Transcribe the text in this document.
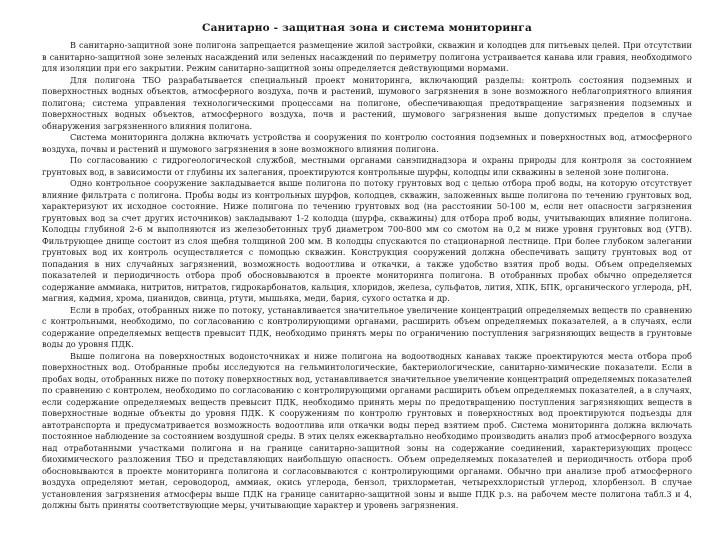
Санитарно - защитная зона и система мониторинга

В санитарно-защитной зоне полигона запрещается размещение жилой застройки, скважин и колодцев для питьевых целей. При отсутствии в санитарно-защитной зоне зеленых насаждений или зеленых насаждений по периметру полигона устраивается канава или гравия, необходимого для изоляции при его закрытии. Режим санитарно-защитной зоны определяется действующими нормами.

Для полигона ТБО разрабатывается специальный проект мониторинга, включающий разделы: контроль состояния подземных и поверхностных водных объектов, атмосферного воздуха, почв и растений, шумового загрязнения в зоне возможного неблагоприятного влияния полигона; система управления технологическими процессами на полигоне, обеспечивающая предотвращение загрязнения подземных и поверхностных водных объектов, атмосферного воздуха, почв и растений, шумового загрязнения выше допустимых пределов в случае обнаружения загрязненного влияния полигона.

Система мониторинга должна включать устройства и сооружения по контролю состояния подземных и поверхностных вод, атмосферного воздуха, почвы и растений и шумового загрязнения в зоне возможного влияния полигона.

По согласованию с гидрогеологической службой, местными органами санэпиднадзора и охраны природы для контроля за состоянием грунтовых вод, в зависимости от глубины их залегания, проектируются контрольные шурфы, колодцы или скважины в зеленой зоне полигона.

Одно контрольное сооружение закладывается выше полигона по потоку грунтовых вод с целью отбора проб воды, на которую отсутствует влияние фильтрата с полигона. Пробы воды из контрольных шурфов, колодцев, скважин, заложенных выше полигона по течению грунтовых вод, характеризуют их исходное состояние. Ниже полигона по течению грунтовых вод (на расстоянии 50-100 м, если нет опасности загрязнения грунтовых вод за счет других источников) закладывают 1-2 колодца (шурфа, скважины) для отбора проб воды, учитывающих влияние полигона. Колодцы глубиной 2-6 м выполняются из железобетонных труб диаметром 700-800 мм со смотом на 0,2 м ниже уровня грунтовых вод (УГВ). Фильтрующее днище состоит из слоя щебня толщиной 200 мм. В колодцы спускаются по стационарной лестнице. При более глубоком залегании грунтовых вод их контроль осуществляется с помощью скважин. Конструкция сооружений должна обеспечивать защиту грунтовых вод от попадания в них случайных загрязнений, возможность водоотлива и откачки, а также удобство взятия проб воды. Объем определяемых показателей и периодичность отбора проб обосновываются в проекте мониторинга полигона. В отобранных пробах обычно определяется содержание аммиака, нитритов, нитратов, гидрокарбонатов, кальция, хлоридов, железа, сульфатов, лития, ХПК, БПК, органического углерода, pH, магния, кадмия, хрома, цианидов, свинца, ртути, мышьяка, меди, бария, сухого остатка и др.

Если в пробах, отобранных ниже по потоку, устанавливается значительное увеличение концентраций определяемых веществ по сравнению с контрольными, необходимо, по согласованию с контролирующими органами, расширить объем определяемых показателей, а в случаях, если содержание определяемых веществ превысит ПДК, необходимо принять меры по ограничению поступления загрязняющих веществ в грунтовые воды до уровня ПДК.

Выше полигона на поверхностных водоисточниках и ниже полигона на водоотводных канавах также проектируются места отбора проб поверхностных вод. Отобранные пробы исследуются на гельминтологические, бактериологические, санитарно-химические показатели. Если в пробах воды, отобранных ниже по потоку поверхностных вод, устанавливается значительное увеличение концентраций определяемых показателей по сравнению с контролем, необходимо по согласованию с контролирующими органами расширить объем определяемых показателей, а в случаях, если содержание определяемых веществ превысит ПДК, необходимо принять меры по предотвращению поступления загрязняющих веществ в поверхностные водные объекты до уровня ПДК. К сооружениям по контролю грунтовых и поверхностных вод проектируются подъезды для автотранспорта и предусматривается возможность водоотлива или откачки воды перед взятием проб. Система мониторинга должна включать постоянное наблюдение за состоянием воздушной среды. В этих целях ежеквартально необходимо производить анализ проб атмосферного воздуха над отработанными участками полигона и на границе санитарно-защитной зоны на содержание соединений, характеризующих процесс биохимического разложения ТБО и представляющих наибольшую опасность. Объем определяемых показателей и периодичность отбора проб обосновываются в проекте мониторинга полигона и согласовываются с контролирующими органами. Обычно при анализе проб атмосферного воздуха определяют метан, сероводород, аммиак, окись углерода, бензол, трихлорметан, четыреххлористый углерод, хлорбензол. В случае установления загрязнения атмосферы выше ПДК на границе санитарно-защитной зоны и выше ПДК р.з. на рабочем месте полигона табл.3 и 4, должны быть приняты соответствующие меры, учитывающие характер и уровень загрязнения.
